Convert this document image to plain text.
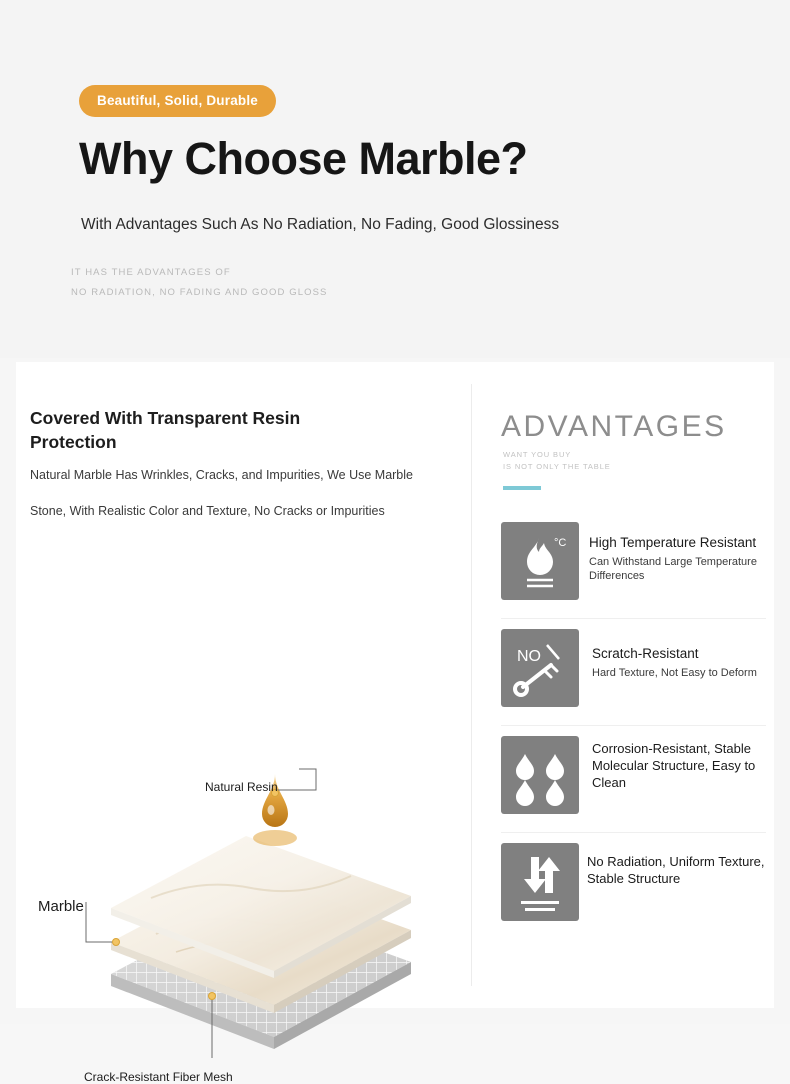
Beautiful, Solid, Durable
Why Choose Marble?
With Advantages Such As No Radiation, No Fading, Good Glossiness
IT HAS THE ADVANTAGES OF
NO RADIATION, NO FADING AND GOOD GLOSS
Covered With Transparent Resin Protection
Natural Marble Has Wrinkles, Cracks, and Impurities, We Use Marble
Stone, With Realistic Color and Texture, No Cracks or Impurities
Natural Resin
Marble
Crack-Resistant Fiber Mesh
ADVANTAGES
WANT YOU BUY
IS NOT ONLY THE TABLE
°C High Temperature Resistant
Can Withstand Large Temperature Differences
NO	Scratch-Resistant
Hard Texture, Not Easy to Deform
Corrosion-Resistant, Stable Molecular Structure, Easy to Clean
No Radiation, Uniform Texture, Stable Structure
